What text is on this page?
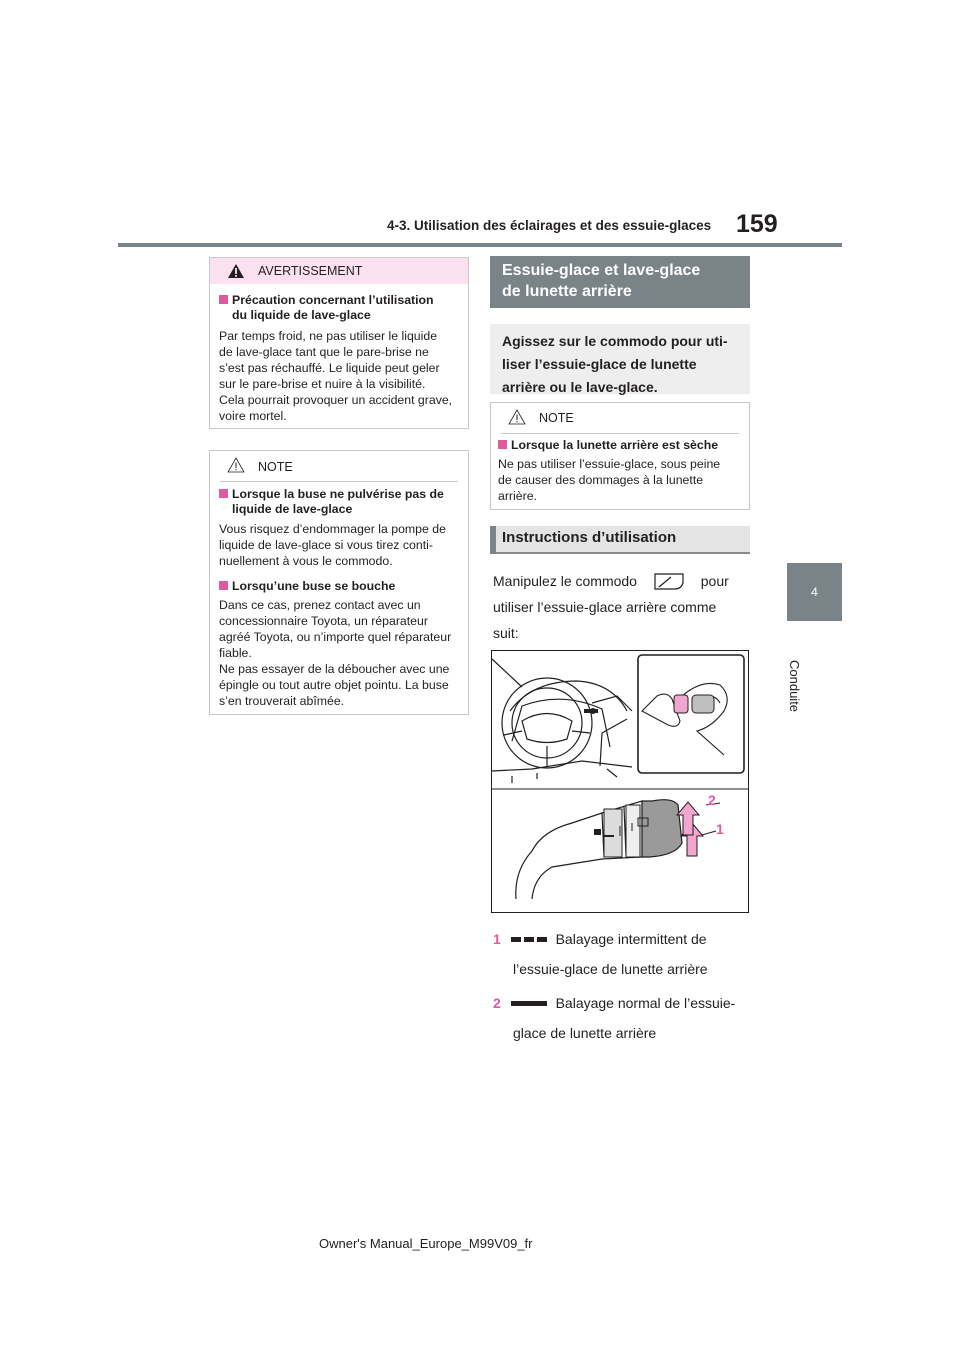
4-3. Utilisation des éclairages et des essuie-glaces 159
4
Conduite
AVERTISSEMENT
Précaution concernant l’utilisation
du liquide de lave-glace
Par temps froid, ne pas utiliser le liquide
de lave-glace tant que le pare-brise ne
s’est pas réchauffé. Le liquide peut geler
sur le pare-brise et nuire à la visibilité.
Cela pourrait provoquer un accident grave,
voire mortel.
NOTE
Lorsque la buse ne pulvérise pas de
liquide de lave-glace
Vous risquez d’endommager la pompe de
liquide de lave-glace si vous tirez conti-
nuellement à vous le commodo.
Lorsqu’une buse se bouche
Dans ce cas, prenez contact avec un
concessionnaire Toyota, un réparateur
agréé Toyota, ou n’importe quel réparateur
fiable.
Ne pas essayer de la déboucher avec une
épingle ou tout autre objet pointu. La buse
s’en trouverait abîmée.
Essuie-glace et lave-glace
de lunette arrière
Agissez sur le commodo pour uti-
liser l’essuie-glace de lunette
arrière ou le lave-glace.
NOTE
Lorsque la lunette arrière est sèche
Ne pas utiliser l’essuie-glace, sous peine
de causer des dommages à la lunette
arrière.
Instructions d’utilisation
Manipulez le commodo	pour
utiliser l’essuie-glace arrière comme
suit:
1
2
1	Balayage intermittent de
l’essuie-glace de lunette arrière
2	Balayage normal de l’essuie-
glace de lunette arrière
Owner's Manual_Europe_M99V09_fr
